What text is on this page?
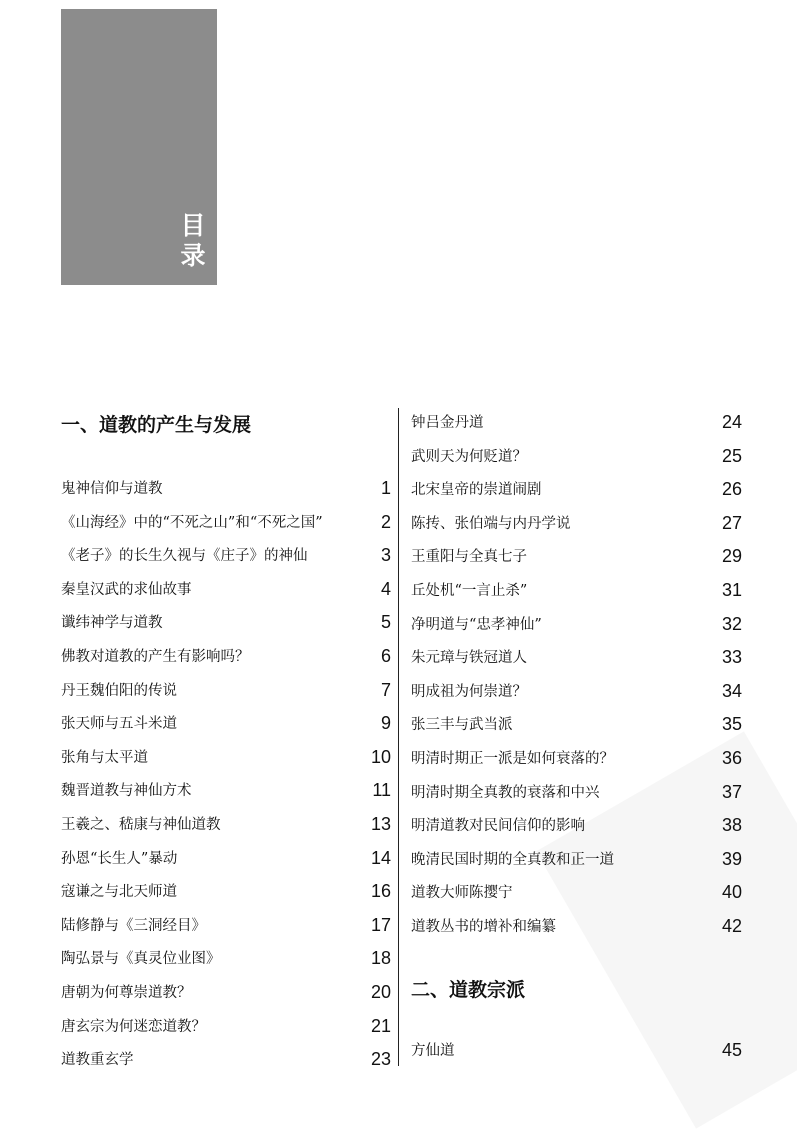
目录
一、道教的产生与发展
鬼神信仰与道教	1
《山海经》中的“不死之山”和“不死之国”	2
《老子》的长生久视与《庄子》的神仙	3
秦皇汉武的求仙故事	4
谶纬神学与道教	5
佛教对道教的产生有影响吗？	6
丹王魏伯阳的传说	7
张天师与五斗米道	9
张角与太平道	10
魏晋道教与神仙方术	11
王羲之、嵇康与神仙道教	13
孙恩“长生人”暴动	14
寇谦之与北天师道	16
陆修静与《三洞经目》	17
陶弘景与《真灵位业图》	18
唐朝为何尊崇道教？	20
唐玄宗为何迷恋道教？	21
道教重玄学	23
钟吕金丹道	24
武则天为何贬道？	25
北宋皇帝的崇道闹剧	26
陈抟、张伯端与内丹学说	27
王重阳与全真七子	29
丘处机“一言止杀”	31
净明道与“忠孝神仙”	32
朱元璋与铁冠道人	33
明成祖为何崇道？	34
张三丰与武当派	35
明清时期正一派是如何衰落的？	36
明清时期全真教的衰落和中兴	37
明清道教对民间信仰的影响	38
晚清民国时期的全真教和正一道	39
道教大师陈撄宁	40
道教丛书的增补和编纂	42
二、道教宗派
方仙道	45
